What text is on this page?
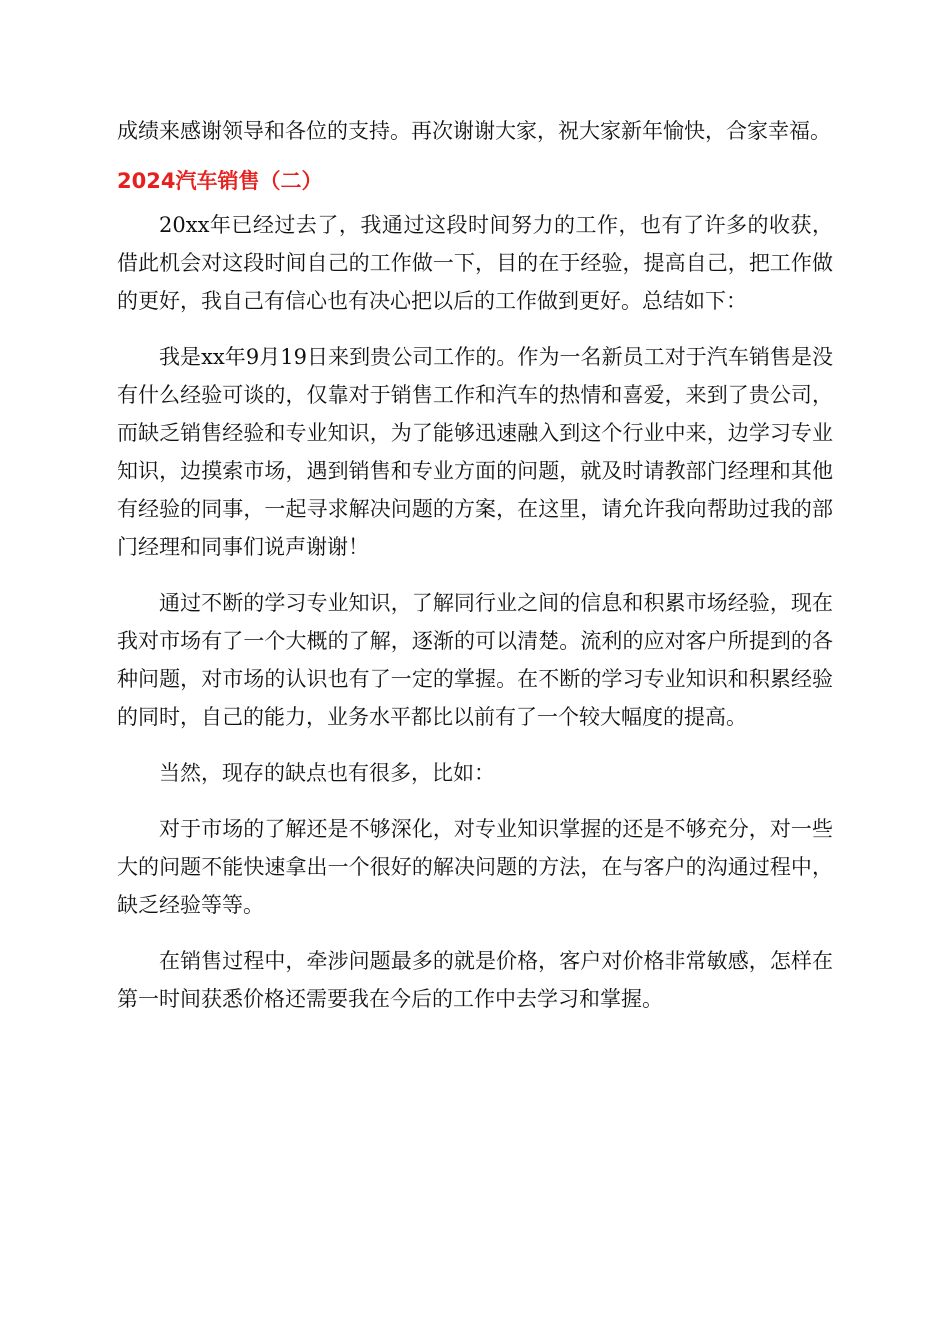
成绩来感谢领导和各位的支持。再次谢谢大家，祝大家新年愉快，合家幸福。

2024汽车销售（二）

20xx年已经过去了，我通过这段时间努力的工作，也有了许多的收获，借此机会对这段时间自己的工作做一下，目的在于经验，提高自己，把工作做的更好，我自己有信心也有决心把以后的工作做到更好。总结如下：

我是xx年9月19日来到贵公司工作的。作为一名新员工对于汽车销售是没有什么经验可谈的，仅靠对于销售工作和汽车的热情和喜爱，来到了贵公司，而缺乏销售经验和专业知识，为了能够迅速融入到这个行业中来，边学习专业知识，边摸索市场，遇到销售和专业方面的问题，就及时请教部门经理和其他有经验的同事，一起寻求解决问题的方案，在这里，请允许我向帮助过我的部门经理和同事们说声谢谢！

通过不断的学习专业知识，了解同行业之间的信息和积累市场经验，现在我对市场有了一个大概的了解，逐渐的可以清楚。流利的应对客户所提到的各种问题，对市场的认识也有了一定的掌握。在不断的学习专业知识和积累经验的同时，自己的能力，业务水平都比以前有了一个较大幅度的提高。

当然，现存的缺点也有很多，比如：

对于市场的了解还是不够深化，对专业知识掌握的还是不够充分，对一些大的问题不能快速拿出一个很好的解决问题的方法，在与客户的沟通过程中，缺乏经验等等。

在销售过程中，牵涉问题最多的就是价格，客户对价格非常敏感，怎样在第一时间获悉价格还需要我在今后的工作中去学习和掌握。
